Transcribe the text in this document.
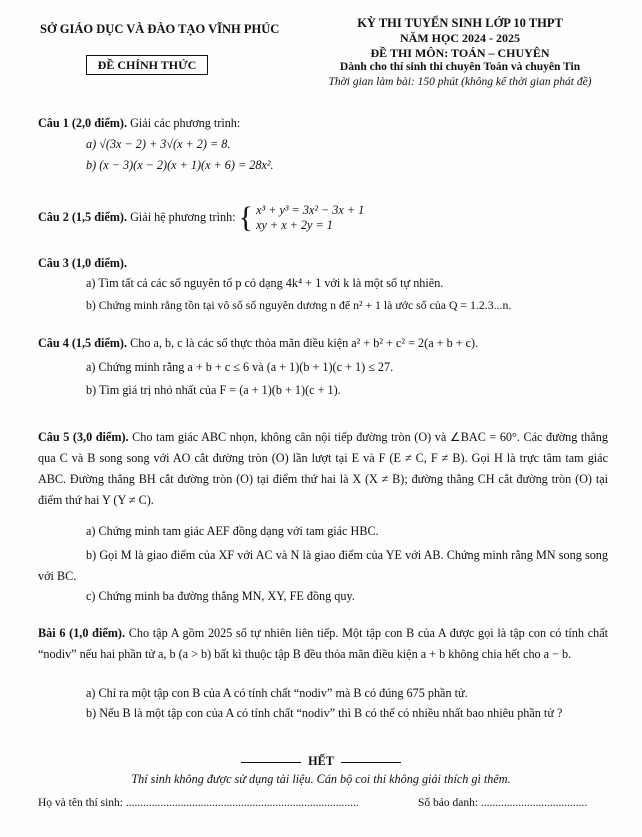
SỞ GIÁO DỤC VÀ ĐÀO TẠO VĨNH PHÚC
ĐỀ CHÍNH THỨC
KỲ THI TUYỂN SINH LỚP 10 THPT
NĂM HỌC 2024 - 2025
ĐỀ THI MÔN: TOÁN – CHUYÊN
Dành cho thí sinh thi chuyên Toán và chuyên Tin
Thời gian làm bài: 150 phút (không kể thời gian phát đề)
Câu 1 (2,0 điểm). Giải các phương trình:
a) √(3x − 2) + 3√(x + 2) = 8.
b) (x − 3)(x − 2)(x + 1)(x + 6) = 28x².
Câu 2 (1,5 điểm). Giải hệ phương trình: { x³ + y³ = 3x² − 3x + 1
xy + x + 2y = 1
Câu 3 (1,0 điểm).
a) Tìm tất cả các số nguyên tố p có dạng 4k⁴ + 1 với k là một số tự nhiên.
b) Chứng minh rằng tồn tại vô số số nguyên dương n để n² + 1 là ước số của Q = 1.2.3...n.
Câu 4 (1,5 điểm). Cho a, b, c là các số thực thỏa mãn điều kiện a² + b² + c² = 2(a + b + c).
a) Chứng minh rằng a + b + c ≤ 6 và (a + 1)(b + 1)(c + 1) ≤ 27.
b) Tìm giá trị nhỏ nhất của F = (a + 1)(b + 1)(c + 1).
Câu 5 (3,0 điểm). Cho tam giác ABC nhọn, không cân nội tiếp đường tròn (O) và ∠BAC = 60°. Các đường thẳng qua C và B song song với AO cắt đường tròn (O) lần lượt tại E và F (E ≠ C, F ≠ B). Gọi H là trực tâm tam giác ABC. Đường thẳng BH cắt đường tròn (O) tại điểm thứ hai là X (X ≠ B); đường thẳng CH cắt đường tròn (O) tại điểm thứ hai Y (Y ≠ C).
a) Chứng minh tam giác AEF đồng dạng với tam giác HBC.
b) Gọi M là giao điểm của XF với AC và N là giao điểm của YE với AB. Chứng minh rằng MN song song với BC.
c) Chứng minh ba đường thẳng MN, XY, FE đồng quy.
Bài 6 (1,0 điểm). Cho tập A gồm 2025 số tự nhiên liên tiếp. Một tập con B của A được gọi là tập con có tính chất “nodiv” nếu hai phần tử a, b (a > b) bất kì thuộc tập B đều thỏa mãn điều kiện a + b không chia hết cho a − b.
a) Chỉ ra một tập con B của A có tính chất “nodiv” mà B có đúng 675 phần tử.
b) Nếu B là một tập con của A có tính chất “nodiv” thì B có thể có nhiều nhất bao nhiêu phần tử ?
HẾT
Thí sinh không được sử dụng tài liệu. Cán bộ coi thi không giải thích gì thêm.
Họ và tên thí sinh: .................................................................................	Số báo danh: .....................................
